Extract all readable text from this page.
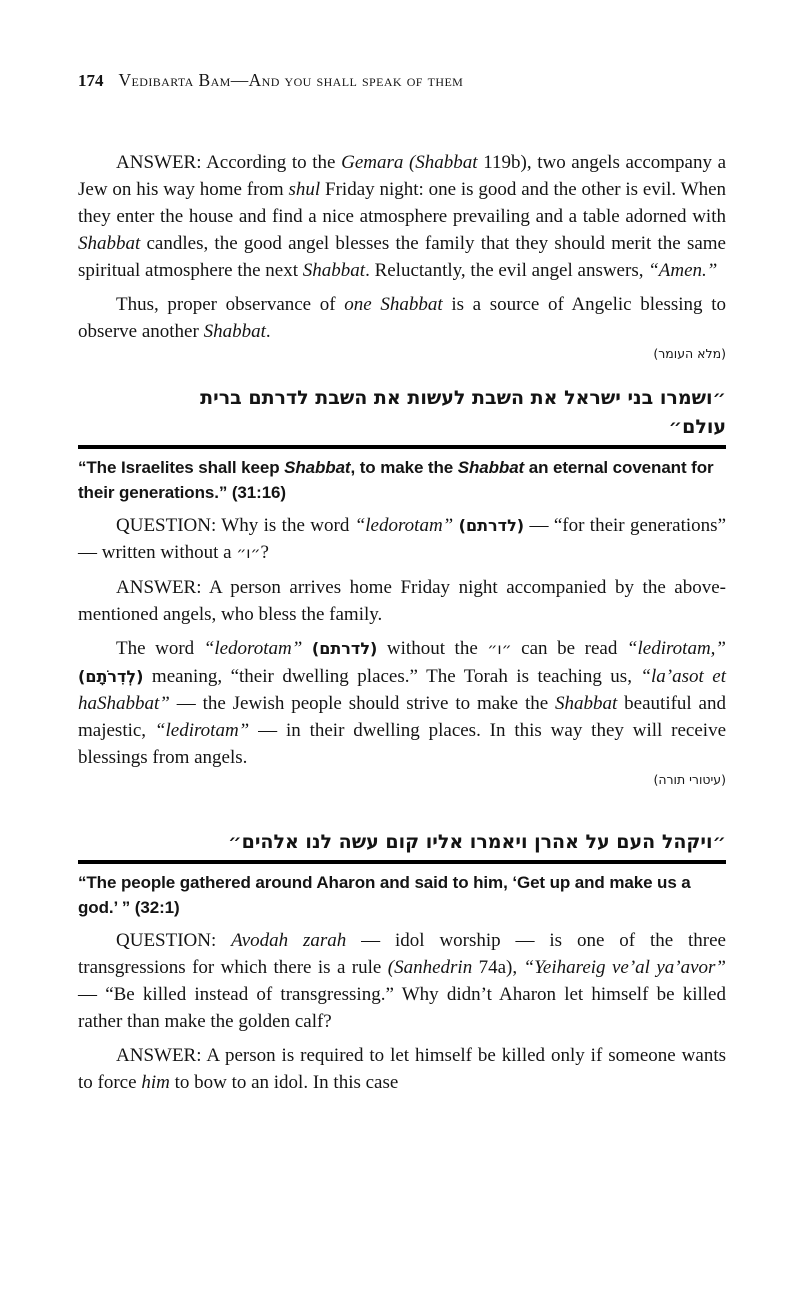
174 Vedibarta Bam—And you shall speak of them

ANSWER: According to the Gemara (Shabbat 119b), two angels accompany a Jew on his way home from shul Friday night: one is good and the other is evil. When they enter the house and find a nice atmosphere prevailing and a table adorned with Shabbat candles, the good angel blesses the family that they should merit the same spiritual atmosphere the next Shabbat. Reluctantly, the evil angel answers, “Amen.”

Thus, proper observance of one Shabbat is a source of Angelic blessing to observe another Shabbat.

(מלא העומר)
״ושמרו בני ישראל את השבת לעשות את השבת לדרתם ברית
עולם״

“The Israelites shall keep Shabbat, to make the Shabbat an eternal covenant for their generations.” (31:16)

QUESTION: Why is the word “ledorotam” (לדרתם) — “for their generations” — written without a ״ו״?

ANSWER: A person arrives home Friday night accompanied by the above-mentioned angels, who bless the family.

The word “ledorotam” (לדרתם) without the ״ו״ can be read “ledirotam,” (לְדִרֹתָם) meaning, “their dwelling places.” The Torah is teaching us, “la’asot et haShabbat” — the Jewish people should strive to make the Shabbat beautiful and majestic, “ledirotam” — in their dwelling places. In this way they will receive blessings from angels.

(עיטורי תורה)
״ויקהל העם על אהרן ויאמרו אליו קום עשה לנו אלהים״

“The people gathered around Aharon and said to him, ‘Get up and make us a god.’ ” (32:1)

QUESTION: Avodah zarah — idol worship — is one of the three transgressions for which there is a rule (Sanhedrin 74a), “Yeihareig ve’al ya’avor” — “Be killed instead of transgressing.” Why didn’t Aharon let himself be killed rather than make the golden calf?

ANSWER: A person is required to let himself be killed only if someone wants to force him to bow to an idol. In this case
